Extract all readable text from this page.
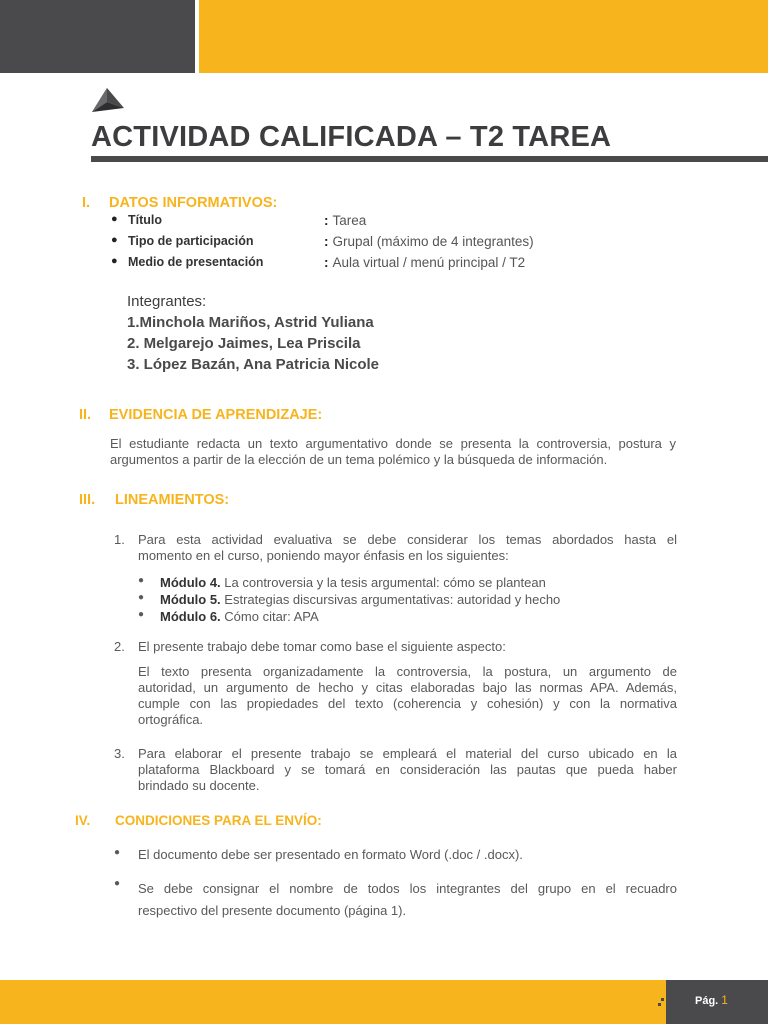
ACTIVIDAD CALIFICADA – T2 TAREA
I. DATOS INFORMATIVOS:
● Título	: Tarea
● Tipo de participación	: Grupal (máximo de 4 integrantes)
● Medio de presentación	: Aula virtual / menú principal / T2
Integrantes:
1.Minchola Mariños, Astrid Yuliana
2. Melgarejo Jaimes, Lea Priscila
3. López Bazán, Ana Patricia Nicole
II. EVIDENCIA DE APRENDIZAJE:
El estudiante redacta un texto argumentativo donde se presenta la controversia, postura y
argumentos a partir de la elección de un tema polémico y la búsqueda de información.
III. LINEAMIENTOS:
1. Para esta actividad evaluativa se debe considerar los temas abordados hasta el
momento en el curso, poniendo mayor énfasis en los siguientes:
● Módulo 4. La controversia y la tesis argumental: cómo se plantean
● Módulo 5. Estrategias discursivas argumentativas: autoridad y hecho
● Módulo 6. Cómo citar: APA
2. El presente trabajo debe tomar como base el siguiente aspecto:
El texto presenta organizadamente la controversia, la postura, un argumento de
autoridad, un argumento de hecho y citas elaboradas bajo las normas APA. Además,
cumple con las propiedades del texto (coherencia y cohesión) y con la normativa
ortográfica.
3. Para elaborar el presente trabajo se empleará el material del curso ubicado en la
plataforma Blackboard y se tomará en consideración las pautas que pueda haber
brindado su docente.
IV. CONDICIONES PARA EL ENVÍO:
● El documento debe ser presentado en formato Word (.doc / .docx).
● Se debe consignar el nombre de todos los integrantes del grupo en el recuadro
respectivo del presente documento (página 1).
Pág. 1
